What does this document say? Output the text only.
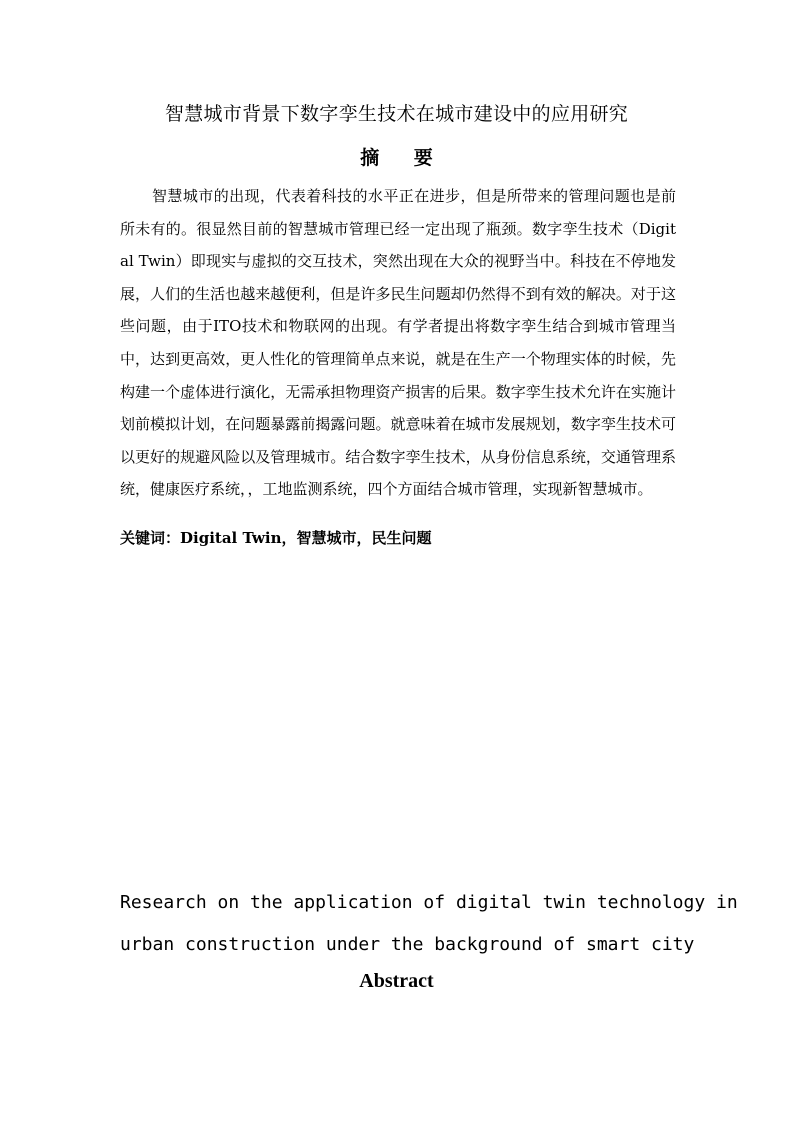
智慧城市背景下数字孪生技术在城市建设中的应用研究
摘 要

智慧城市的出现，代表着科技的水平正在进步，但是所带来的管理问题也是前所未有的。很显然目前的智慧城市管理已经一定出现了瓶颈。数字孪生技术（Digital Twin）即现实与虚拟的交互技术，突然出现在大众的视野当中。科技在不停地发展，人们的生活也越来越便利，但是许多民生问题却仍然得不到有效的解决。对于这些问题，由于ITO技术和物联网的出现。有学者提出将数字孪生结合到城市管理当中，达到更高效，更人性化的管理简单点来说，就是在生产一个物理实体的时候，先构建一个虚体进行演化，无需承担物理资产损害的后果。数字孪生技术允许在实施计划前模拟计划，在问题暴露前揭露问题。就意味着在城市发展规划，数字孪生技术可以更好的规避风险以及管理城市。结合数字孪生技术，从身份信息系统，交通管理系统，健康医疗系统，，工地监测系统，四个方面结合城市管理，实现新智慧城市。

关键词：Digital Twin，智慧城市，民生问题

Research on the application of digital twin technology in
urban construction under the background of smart city
Abstract
